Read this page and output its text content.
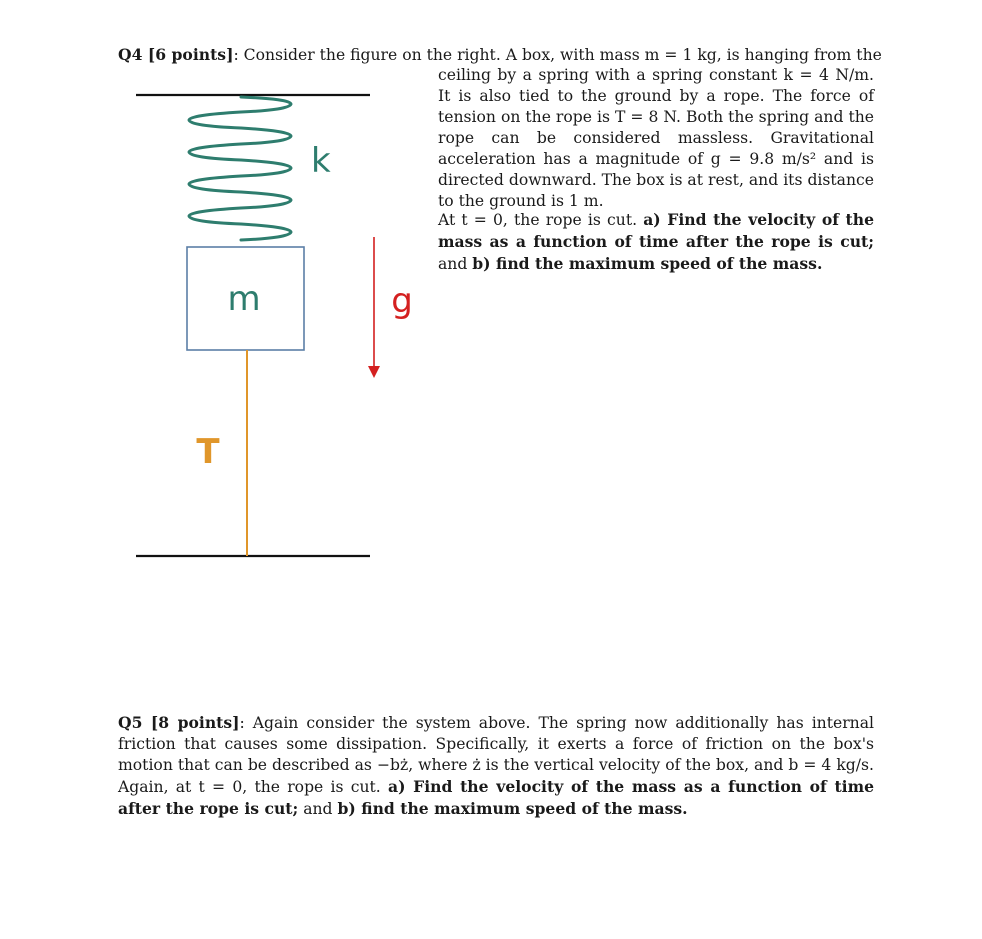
Q4 [6 points]: Consider the figure on the right. A box, with mass m = 1 kg, is hanging from the
ceiling by a spring with a spring constant k = 4 N/m. It is also tied to the ground by a rope. The force of tension on the rope is T = 8 N. Both the spring and the rope can be considered massless. Gravitational acceleration has a magnitude of g = 9.8 m/s² and is directed downward. The box is at rest, and its distance to the ground is 1 m.
At t = 0, the rope is cut. a) Find the velocity of the mass as a function of time after the rope is cut; and b) find the maximum speed of the mass.
k
m
T
g
Q5 [8 points]: Again consider the system above. The spring now additionally has internal friction that causes some dissipation. Specifically, it exerts a force of friction on the box's motion that can be described as −bż, where ż is the vertical velocity of the box, and b = 4 kg/s. Again, at t = 0, the rope is cut. a) Find the velocity of the mass as a function of time after the rope is cut; and b) find the maximum speed of the mass.
